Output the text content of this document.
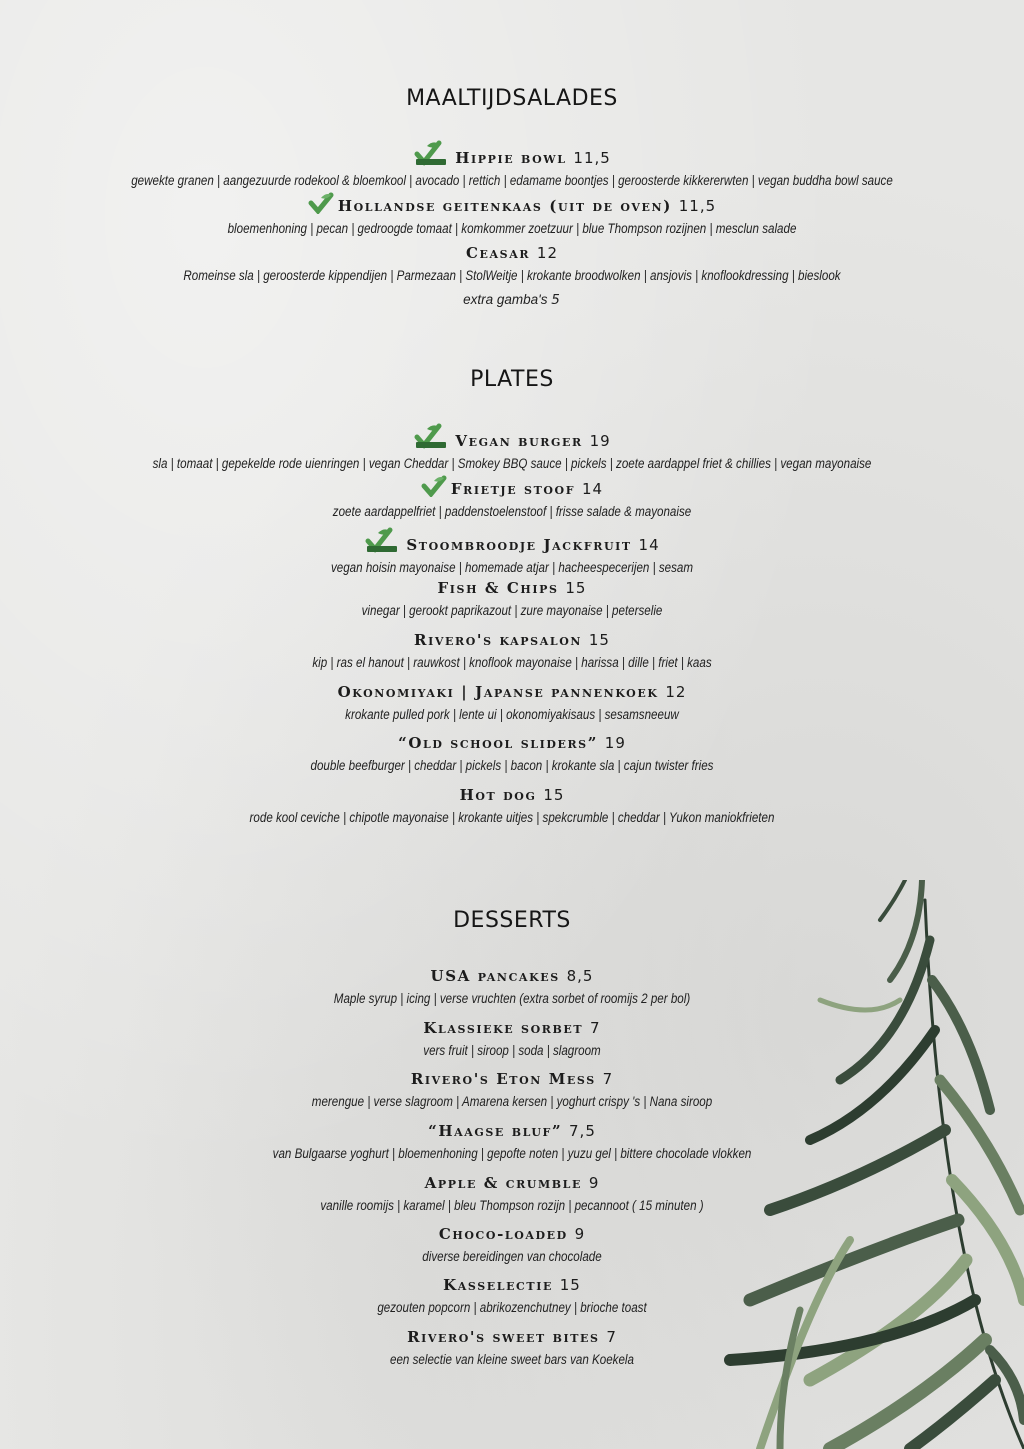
MAALTIJDSALADES
Hippie bowl 11,5
gewekte granen | aangezuurde rodekool & bloemkool | avocado | rettich | edamame boontjes | geroosterde kikkererwten | vegan buddha bowl sauce
Hollandse geitenkaas (uit de oven) 11,5
bloemenhoning | pecan | gedroogde tomaat | komkommer zoetzuur | blue Thompson rozijnen | mesclun salade
Ceasar 12
Romeinse sla | geroosterde kippendijen | Parmezaan | StolWeitje | krokante broodwolken | ansjovis | knoflookdressing | bieslook
extra gamba's 5
PLATES
Vegan burger 19
sla | tomaat | gepekelde rode uienringen | vegan Cheddar | Smokey BBQ sauce | pickels | zoete aardappel friet & chillies | vegan mayonaise
Frietje stoof 14
zoete aardappelfriet | paddenstoelenstoof | frisse salade & mayonaise
Stoombroodje Jackfruit 14
vegan hoisin mayonaise | homemade atjar | hacheespecerijen | sesam
Fish & Chips 15
vinegar | gerookt paprikazout | zure mayonaise | peterselie
Rivero's kapsalon 15
kip | ras el hanout | rauwkost | knoflook mayonaise | harissa | dille | friet | kaas
Okonomiyaki | Japanse pannenkoek 12
krokante pulled pork | lente ui | okonomiyakisaus | sesamsneeuw
“Old school sliders” 19
double beefburger | cheddar | pickels | bacon | krokante sla | cajun twister fries
Hot dog 15
rode kool ceviche | chipotle mayonaise | krokante uitjes | spekcrumble | cheddar | Yukon maniokfrieten
DESSERTS
USA pancakes 8,5
Maple syrup | icing | verse vruchten (extra sorbet of roomijs 2 per bol)
Klassieke sorbet 7
vers fruit | siroop | soda | slagroom
Rivero's Eton Mess 7
merengue | verse slagroom | Amarena kersen | yoghurt crispy 's | Nana siroop
“Haagse bluf” 7,5
van Bulgaarse yoghurt | bloemenhoning | gepofte noten | yuzu gel | bittere chocolade vlokken
Apple & crumble 9
vanille roomijs | karamel | bleu Thompson rozijn | pecannoot ( 15 minuten )
Choco-loaded 9
diverse bereidingen van chocolade
Kasselectie 15
gezouten popcorn | abrikozenchutney | brioche toast
Rivero's sweet bites 7
een selectie van kleine sweet bars van Koekela
